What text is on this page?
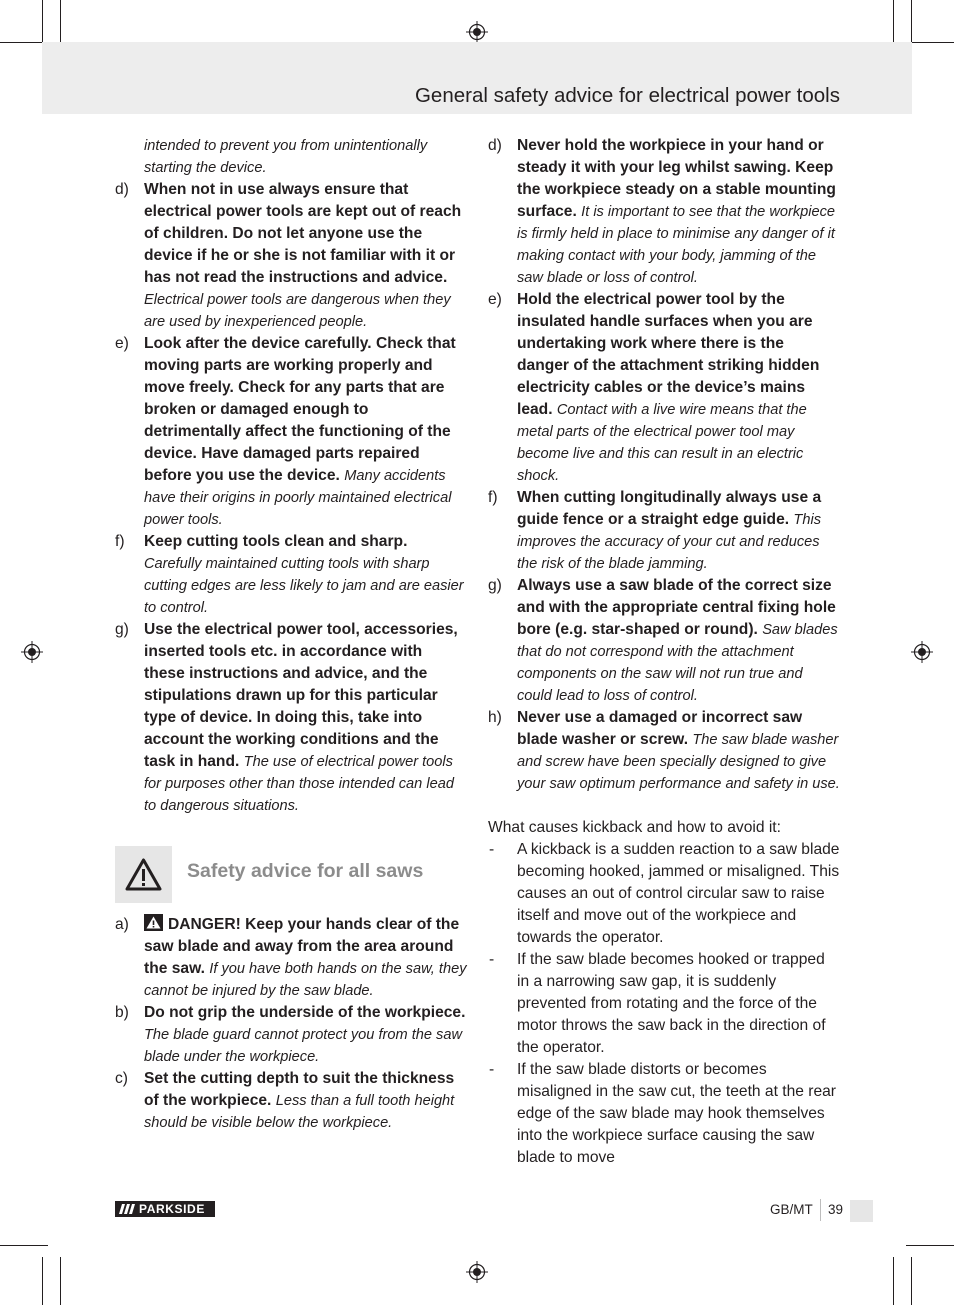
General safety advice for electrical power tools
intended to prevent you from unintentionally starting the device.
d) When not in use always ensure that electrical power tools are kept out of reach of children. Do not let anyone use the device if he or she is not familiar with it or has not read the instructions and advice. Electrical power tools are dangerous when they are used by inexperienced people.
e) Look after the device carefully. Check that moving parts are working properly and move freely. Check for any parts that are broken or damaged enough to detrimentally affect the functioning of the device. Have damaged parts repaired before you use the device. Many accidents have their origins in poorly maintained electrical power tools.
f) Keep cutting tools clean and sharp. Carefully maintained cutting tools with sharp cutting edges are less likely to jam and are easier to control.
g) Use the electrical power tool, accessories, inserted tools etc. in accordance with these instructions and advice, and the stipulations drawn up for this particular type of device. In doing this, take into account the working conditions and the task in hand. The use of electrical power tools for purposes other than those intended can lead to dangerous situations.
Safety advice for all saws
a)	DANGER! Keep your hands clear of the saw blade and away from the area around the saw. If you have both hands on the saw, they cannot be injured by the saw blade.
b) Do not grip the underside of the workpiece. The blade guard cannot protect you from the saw blade under the workpiece.
c) Set the cutting depth to suit the thickness of the workpiece. Less than a full tooth height should be visible below the workpiece.
d) Never hold the workpiece in your hand or steady it with your leg whilst sawing. Keep the workpiece steady on a stable mounting surface. It is important to see that the workpiece is firmly held in place to minimise any danger of it making contact with your body, jamming of the saw blade or loss of control.
e) Hold the electrical power tool by the insulated handle surfaces when you are undertaking work where there is the danger of the attachment striking hidden electricity cables or the device’s mains lead. Contact with a live wire means that the metal parts of the electrical power tool may become live and this can result in an electric shock.
f) When cutting longitudinally always use a guide fence or a straight edge guide. This improves the accuracy of your cut and reduces the risk of the blade jamming.
g) Always use a saw blade of the correct size and with the appropriate central fixing hole bore (e.g. star-shaped or round). Saw blades that do not correspond with the attachment components on the saw will not run true and could lead to loss of control.
h) Never use a damaged or incorrect saw blade washer or screw. The saw blade washer and screw have been specially designed to give your saw optimum performance and safety in use.
What causes kickback and how to avoid it:
- A kickback is a sudden reaction to a saw blade becoming hooked, jammed or misaligned. This causes an out of control circular saw to raise itself and move out of the workpiece and towards the operator.
- If the saw blade becomes hooked or trapped in a narrowing saw gap, it is suddenly prevented from rotating and the force of the motor throws the saw back in the direction of the operator.
- If the saw blade distorts or becomes misaligned in the saw cut, the teeth at the rear edge of the saw blade may hook themselves into the workpiece surface causing the saw blade to move
PARKSIDE	GB/MT 39
